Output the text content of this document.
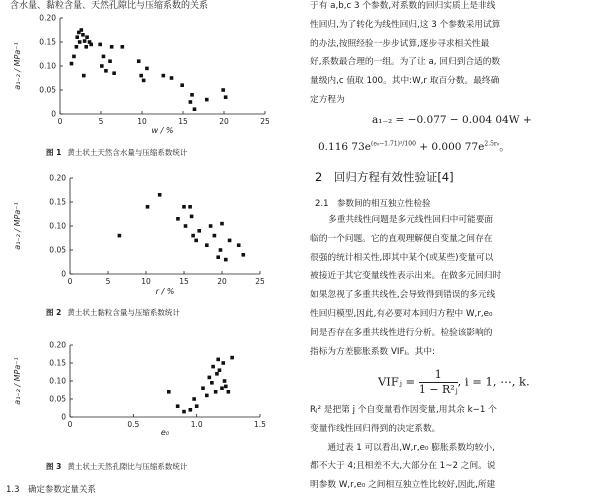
含水量、黏粒含量、天然孔隙比与压缩系数的关系
0	5	10	15	20	25
0
0.05
0.10
0.15
0.20
w / %
a₁₋₂ / MPa⁻¹
图 1 黄土状土天然含水量与压缩系数统计
0	5	10	15	20	25
0
0.05
0.10
0.15
0.20
r / %
a₁₋₂ / MPa⁻¹
图 2 黄土状土黏粒含量与压缩系数统计
0	0.5	1.0	1.5
0
0.05
0.10
0.15
0.20
e₀
a₁₋₂ / MPa⁻¹
图 3 黄土状土天然孔隙比与压缩系数统计
1.3　确定参数定量关系

于有 a,b,c 3 个参数,对系数的回归实质上是非线

性回归,为了转化为线性回归,这 3 个参数采用试算

的办法,按照经验一步步试算,逐步寻求相关性最

好,系数最合理的一组。为了让 a, 回归到合适的数

量级内,c 值取 100。其中:W,r 取百分数。最终确

定方程为

a₁₋₂ = −0.077 − 0.004 04W +
0.116 $73e^{(e_0-1.71)^2/100} + 0.000$ $77e^{2.5r_0}$。
2　回归方程有效性验证[4]
2.1　参数间的相互独立性检验

多重共线性问题是多元线性回归中可能要面

临的一个问题。它的直观理解便自变量之间存在

很强的统计相关性,即其中某个(或某些)变量可以

被接近于其它变量线性表示出来。在做多元回归时

如果忽视了多重共线性,会导致得到错误的多元线

性回归模型,因此,有必要对本回归方程中 W,r,e₀

间是否存在多重共线性进行分析。检验该影响的

指标为方差膨胀系数 VIFⱼ。其中:

VIFⱼ = $\frac{1}{\text{1 − R²ⱼ}}$ , i = 1, ⋯, k.

Rⱼ² 是把第 j 个自变量看作因变量,用其余 k−1 个

变量作线性回归得到的决定系数。

　　通过表 1 可以看出,W,r,e₀ 膨胀系数均较小,

都不大于 4;且相差不大,大部分在 1~2 之间。说

明参数 W,r,e₀ 之间相互独立性比较好,因此,所建
